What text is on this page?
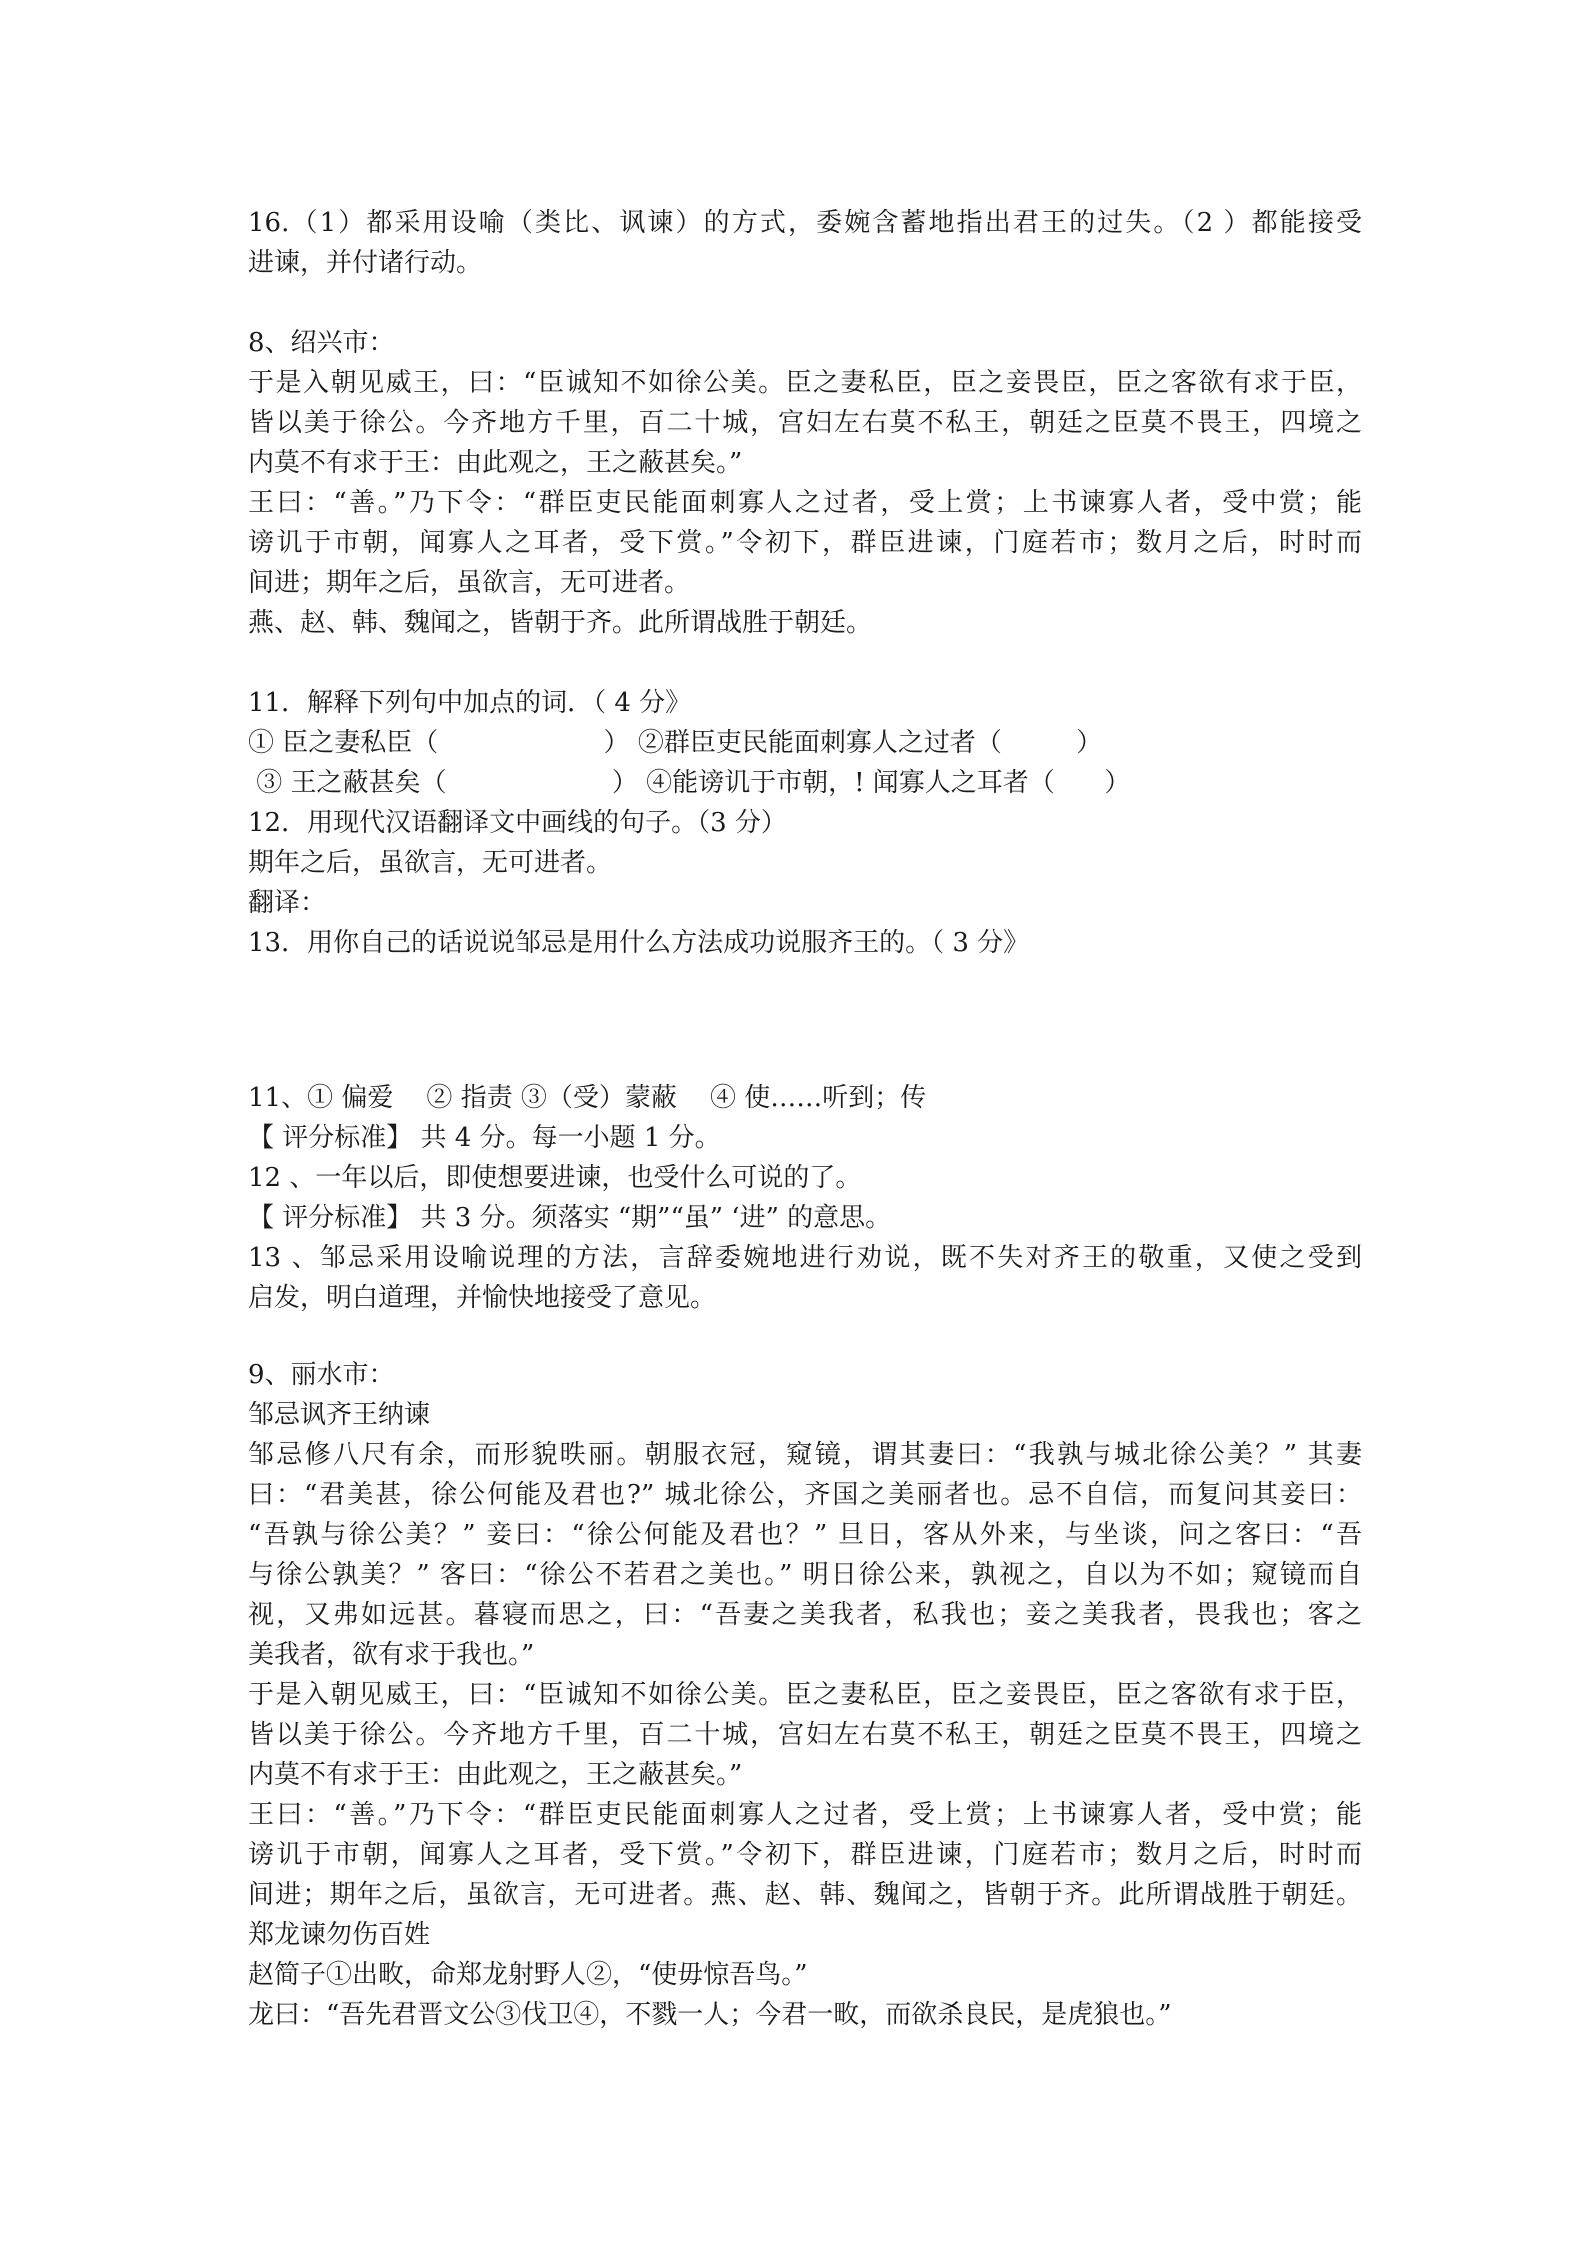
16.（1）都采用设喻（类比、讽谏）的方式，委婉含蓄地指出君王的过失。（2 ）都能接受
进谏，并付诸行动。
8、绍兴市：
于是入朝见威王，曰：“臣诚知不如徐公美。臣之妻私臣，臣之妾畏臣，臣之客欲有求于臣，
皆以美于徐公。今齐地方千里，百二十城，宫妇左右莫不私王，朝廷之臣莫不畏王，四境之
内莫不有求于王：由此观之，王之蔽甚矣。”
王曰：“善。”乃下令：“群臣吏民能面刺寡人之过者，受上赏；上书谏寡人者，受中赏；能
谤讥于市朝，闻寡人之耳者，受下赏。”令初下，群臣进谏，门庭若市；数月之后，时时而
间进；期年之后，虽欲言，无可进者。
燕、赵、韩、魏闻之，皆朝于齐。此所谓战胜于朝廷。
11．解释下列句中加点的词．（ 4 分》
① 臣之妻私臣（                    ） ②群臣吏民能面刺寡人之过者（         ）
③ 王之蔽甚矣（                    ） ④能谤讥于市朝，! 闻寡人之耳者（      ）
12．用现代汉语翻译文中画线的句子。（3 分）
期年之后，虽欲言，无可进者。
翻译：
13．用你自己的话说说邹忌是用什么方法成功说服齐王的。（ 3 分》
11、① 偏爱    ② 指责 ③（受）蒙蔽    ④ 使……听到；传
【 评分标准】 共 4 分。每一小题 1 分。
12 、一年以后，即使想要进谏，也受什么可说的了。
【 评分标准】 共 3 分。须落实 “期”“虽” ‘进” 的意思。
13 、邹忌采用设喻说理的方法，言辞委婉地进行劝说，既不失对齐王的敬重，又使之受到
启发，明白道理，并愉快地接受了意见。
9、丽水市：
邹忌讽齐王纳谏
邹忌修八尺有余，而形貌昳丽。朝服衣冠，窥镜，谓其妻曰：“我孰与城北徐公美？” 其妻
曰：“君美甚，徐公何能及君也?” 城北徐公，齐国之美丽者也。忌不自信，而复问其妾曰：
“吾孰与徐公美？” 妾曰：“徐公何能及君也？” 旦日，客从外来，与坐谈，问之客曰：“吾
与徐公孰美？” 客曰：“徐公不若君之美也。” 明日徐公来，孰视之，自以为不如；窥镜而自
视，又弗如远甚。暮寝而思之，曰：“吾妻之美我者，私我也；妾之美我者，畏我也；客之
美我者，欲有求于我也。”
于是入朝见威王，曰：“臣诚知不如徐公美。臣之妻私臣，臣之妾畏臣，臣之客欲有求于臣，
皆以美于徐公。今齐地方千里，百二十城，宫妇左右莫不私王，朝廷之臣莫不畏王，四境之
内莫不有求于王：由此观之，王之蔽甚矣。”
王曰：“善。”乃下令：“群臣吏民能面刺寡人之过者，受上赏；上书谏寡人者，受中赏；能
谤讥于市朝，闻寡人之耳者，受下赏。”令初下，群臣进谏，门庭若市；数月之后，时时而
间进；期年之后，虽欲言，无可进者。燕、赵、韩、魏闻之，皆朝于齐。此所谓战胜于朝廷。
郑龙谏勿伤百姓
赵简子①出畋，命郑龙射野人②，“使毋惊吾鸟。”
龙曰：“吾先君晋文公③伐卫④，不戮一人；今君一畋，而欲杀良民，是虎狼也。”
